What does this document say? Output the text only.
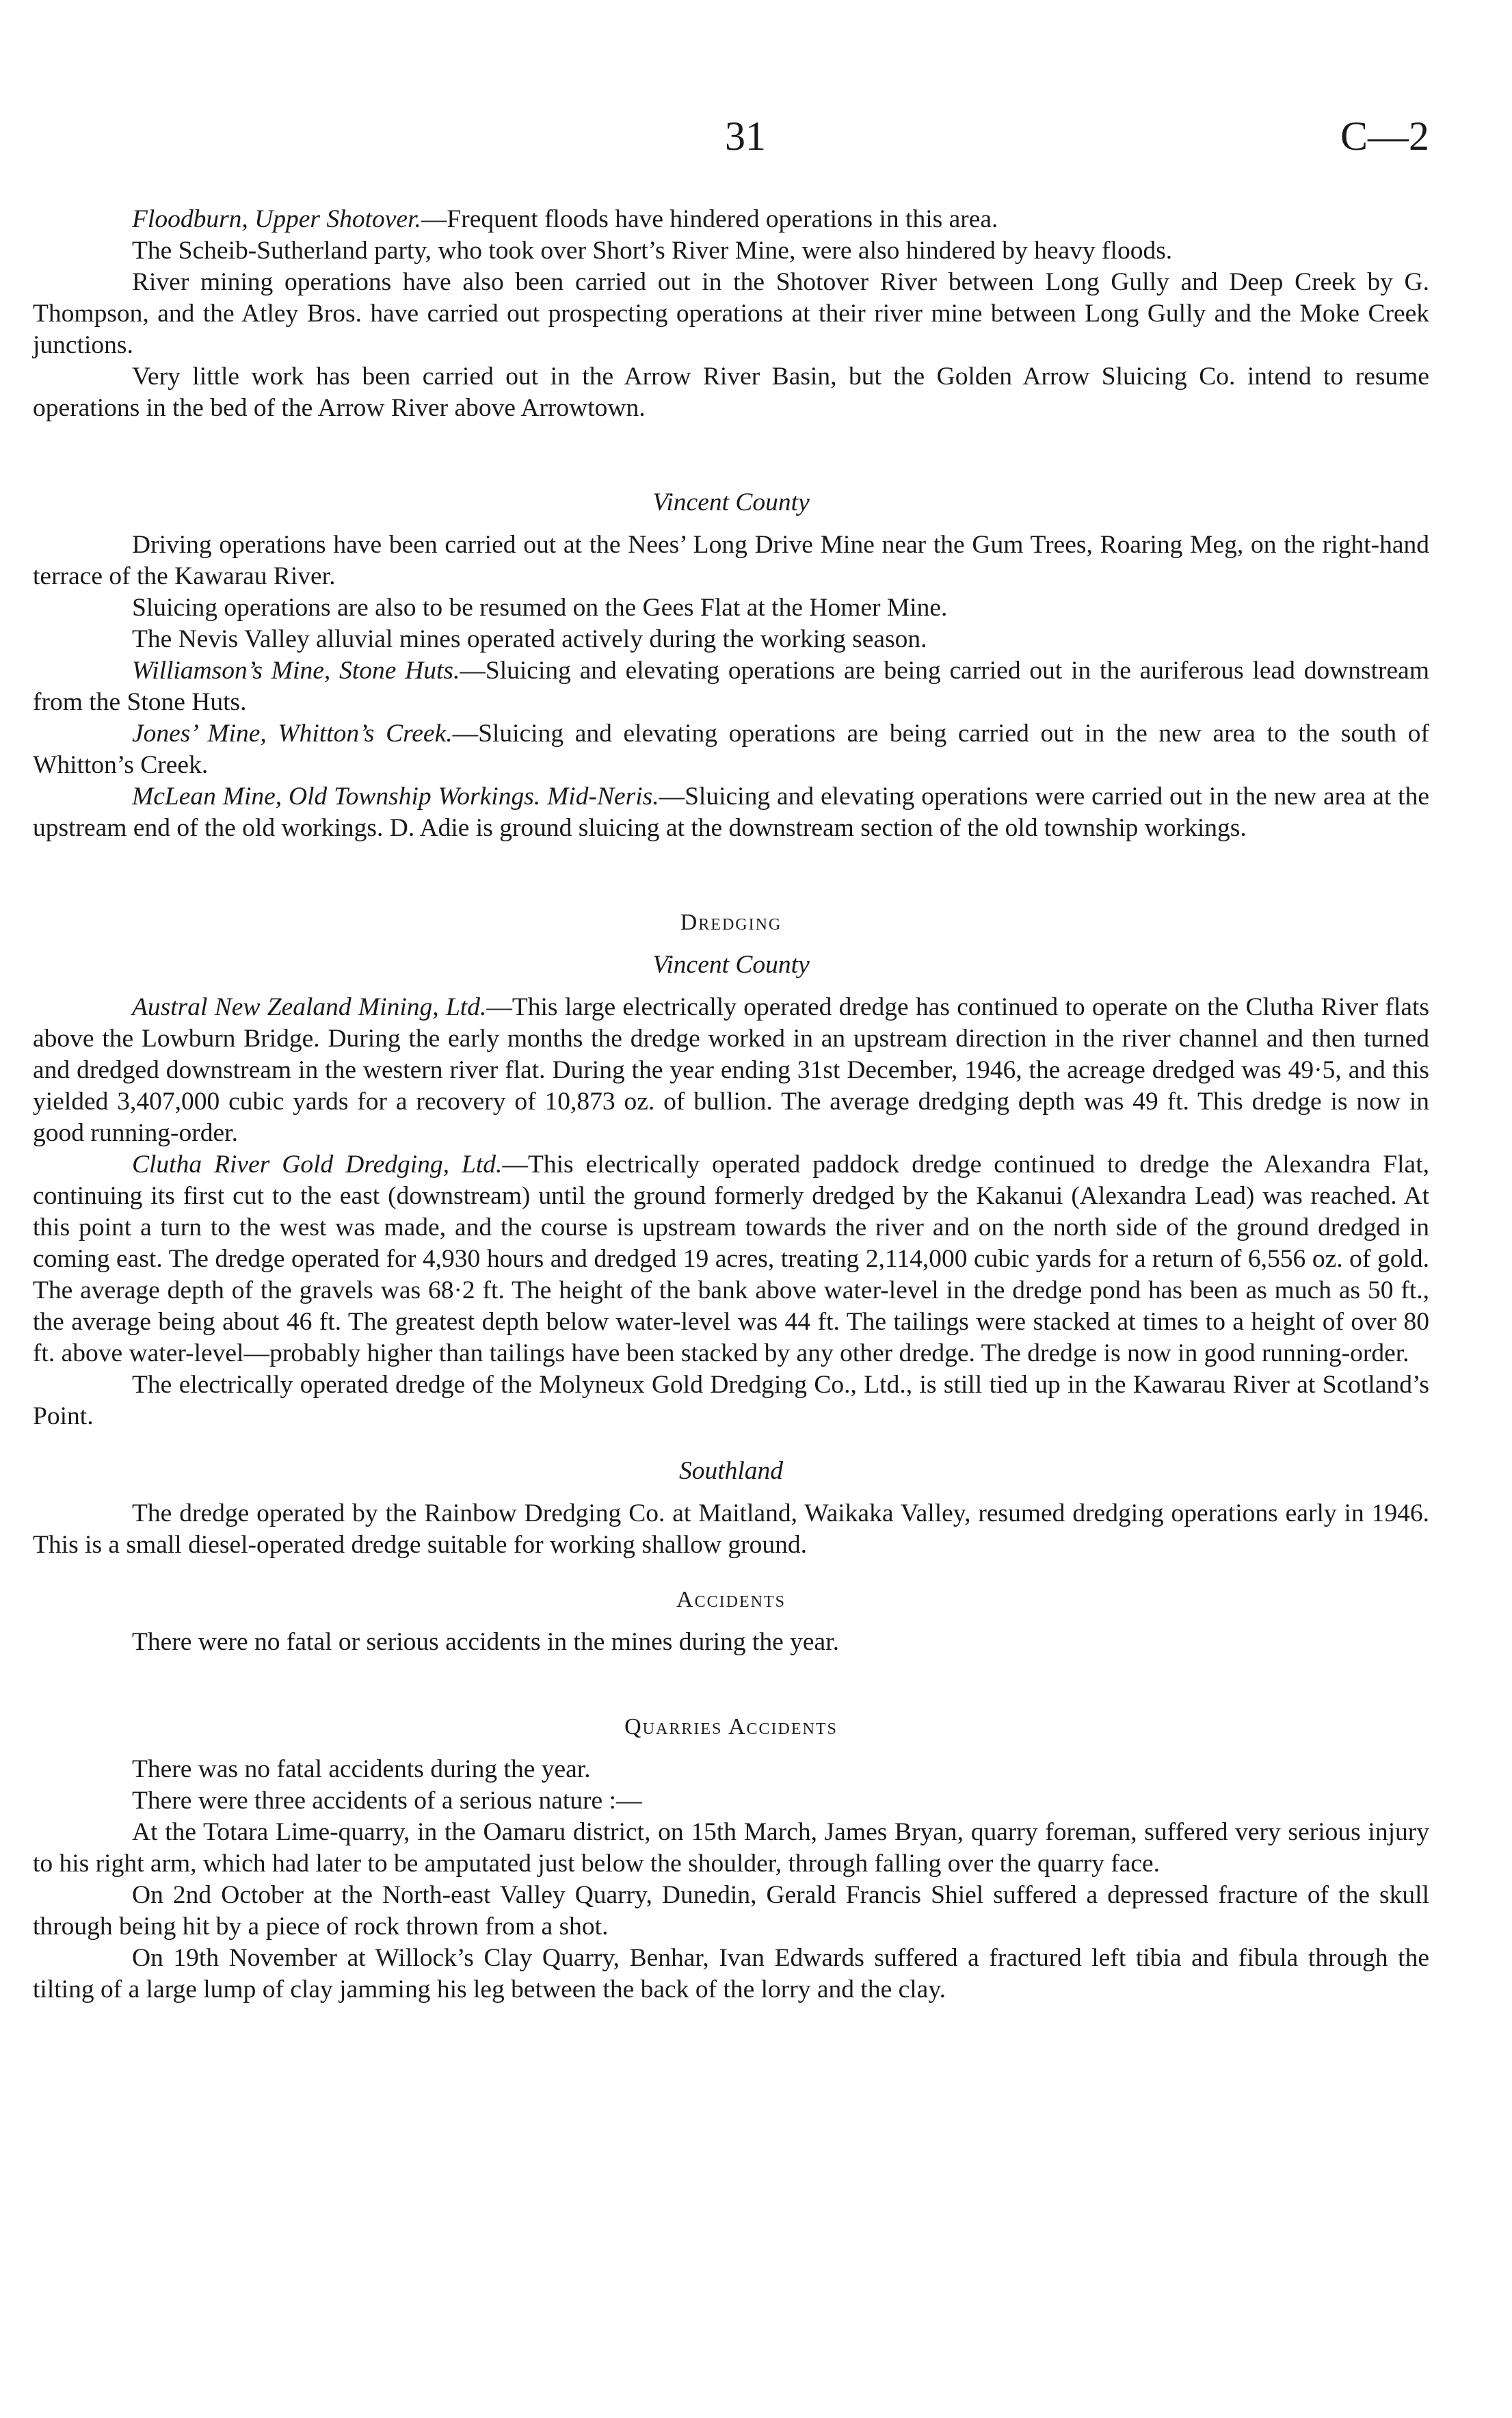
31	C—2

Floodburn, Upper Shotover.—Frequent floods have hindered operations in this area.

The Scheib-Sutherland party, who took over Short’s River Mine, were also hindered by heavy floods.

River mining operations have also been carried out in the Shotover River between Long Gully and Deep Creek by G. Thompson, and the Atley Bros. have carried out prospecting operations at their river mine between Long Gully and the Moke Creek junctions.

Very little work has been carried out in the Arrow River Basin, but the Golden Arrow Sluicing Co. intend to resume operations in the bed of the Arrow River above Arrowtown.

Vincent County

Driving operations have been carried out at the Nees’ Long Drive Mine near the Gum Trees, Roaring Meg, on the right-hand terrace of the Kawarau River.

Sluicing operations are also to be resumed on the Gees Flat at the Homer Mine.

The Nevis Valley alluvial mines operated actively during the working season.

Williamson’s Mine, Stone Huts.—Sluicing and elevating operations are being carried out in the auriferous lead downstream from the Stone Huts.

Jones’ Mine, Whitton’s Creek.—Sluicing and elevating operations are being carried out in the new area to the south of Whitton’s Creek.

McLean Mine, Old Township Workings. Mid-Neris.—Sluicing and elevating operations were carried out in the new area at the upstream end of the old workings. D. Adie is ground sluicing at the downstream section of the old township workings.

Dredging

Vincent County

Austral New Zealand Mining, Ltd.—This large electrically operated dredge has continued to operate on the Clutha River flats above the Lowburn Bridge. During the early months the dredge worked in an upstream direction in the river channel and then turned and dredged downstream in the western river flat. During the year ending 31st December, 1946, the acreage dredged was 49·5, and this yielded 3,407,000 cubic yards for a recovery of 10,873 oz. of bullion. The average dredging depth was 49 ft. This dredge is now in good running-order.

Clutha River Gold Dredging, Ltd.—This electrically operated paddock dredge continued to dredge the Alexandra Flat, continuing its first cut to the east (downstream) until the ground formerly dredged by the Kakanui (Alexandra Lead) was reached. At this point a turn to the west was made, and the course is upstream towards the river and on the north side of the ground dredged in coming east. The dredge operated for 4,930 hours and dredged 19 acres, treating 2,114,000 cubic yards for a return of 6,556 oz. of gold. The average depth of the gravels was 68·2 ft. The height of the bank above water-level in the dredge pond has been as much as 50 ft., the average being about 46 ft. The greatest depth below water-level was 44 ft. The tailings were stacked at times to a height of over 80 ft. above water-level—probably higher than tailings have been stacked by any other dredge. The dredge is now in good running-order.

The electrically operated dredge of the Molyneux Gold Dredging Co., Ltd., is still tied up in the Kawarau River at Scotland’s Point.

Southland

The dredge operated by the Rainbow Dredging Co. at Maitland, Waikaka Valley, resumed dredging operations early in 1946. This is a small diesel-operated dredge suitable for working shallow ground.

Accidents

There were no fatal or serious accidents in the mines during the year.

Quarries Accidents

There was no fatal accidents during the year.

There were three accidents of a serious nature :—

At the Totara Lime-quarry, in the Oamaru district, on 15th March, James Bryan, quarry foreman, suffered very serious injury to his right arm, which had later to be amputated just below the shoulder, through falling over the quarry face.

On 2nd October at the North-east Valley Quarry, Dunedin, Gerald Francis Shiel suffered a depressed fracture of the skull through being hit by a piece of rock thrown from a shot.

On 19th November at Willock’s Clay Quarry, Benhar, Ivan Edwards suffered a fractured left tibia and fibula through the tilting of a large lump of clay jamming his leg between the back of the lorry and the clay.
